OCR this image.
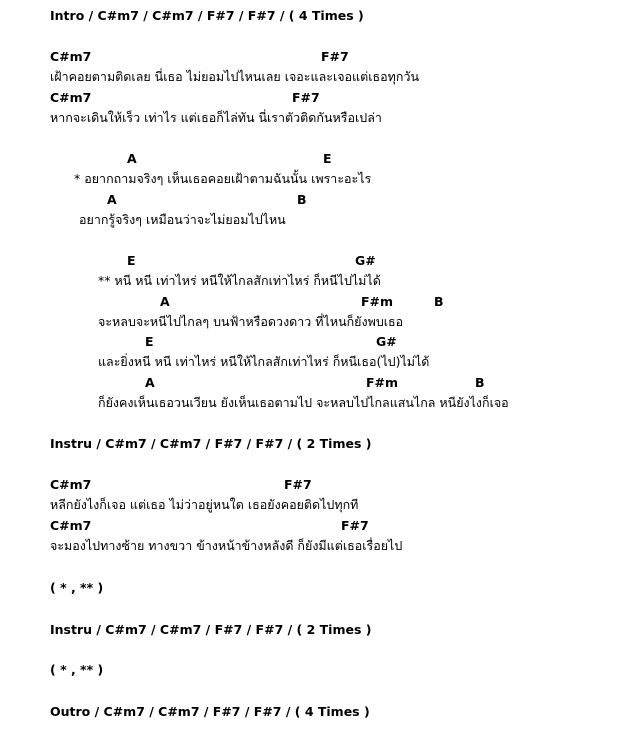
Intro / C#m7 / C#m7 / F#7 / F#7 / ( 4 Times )
C#m7	F#7
เฝ้าคอยตามติดเลย นี่เธอ ไม่ยอมไปไหนเลย เจอะและเจอแต่เธอทุกวัน
C#m7	F#7
หากจะเดินให้เร็ว เท่าไร แต่เธอก็ไล่ทัน นี่เราตัวติดกันหรือเปล่า
A	E
* อยากถามจริงๆ เห็นเธอคอยเฝ้าตามฉันนั้น เพราะอะไร
A	B
อยากรู้จริงๆ เหมือนว่าจะไม่ยอมไปไหน
E	G#
** หนี หนี เท่าไหร่ หนีให้ไกลสักเท่าไหร่ ก็หนีไปไม่ได้
A	F#m	B
จะหลบจะหนีไปไกลๆ บนฟ้าหรือดวงดาว ที่ไหนก็ยังพบเธอ
E	G#
และยิ่งหนี หนี เท่าไหร่ หนีให้ไกลสักเท่าไหร่ ก็หนีเธอ(ไป)ไม่ได้
A	F#m	B
ก็ยังคงเห็นเธอวนเวียน ยังเห็นเธอตามไป จะหลบไปไกลแสนไกล หนียังไงก็เจอ
Instru / C#m7 / C#m7 / F#7 / F#7 / ( 2 Times )
C#m7	F#7
หลีกยังไงก็เจอ แต่เธอ ไม่ว่าอยู่หนใด เธอยังคอยติดไปทุกที
C#m7	F#7
จะมองไปทางซ้าย ทางขวา ข้างหน้าข้างหลังดี ก็ยังมีแต่เธอเรื่อยไป
( * , ** )
Instru / C#m7 / C#m7 / F#7 / F#7 / ( 2 Times )
( * , ** )
Outro / C#m7 / C#m7 / F#7 / F#7 / ( 4 Times )
